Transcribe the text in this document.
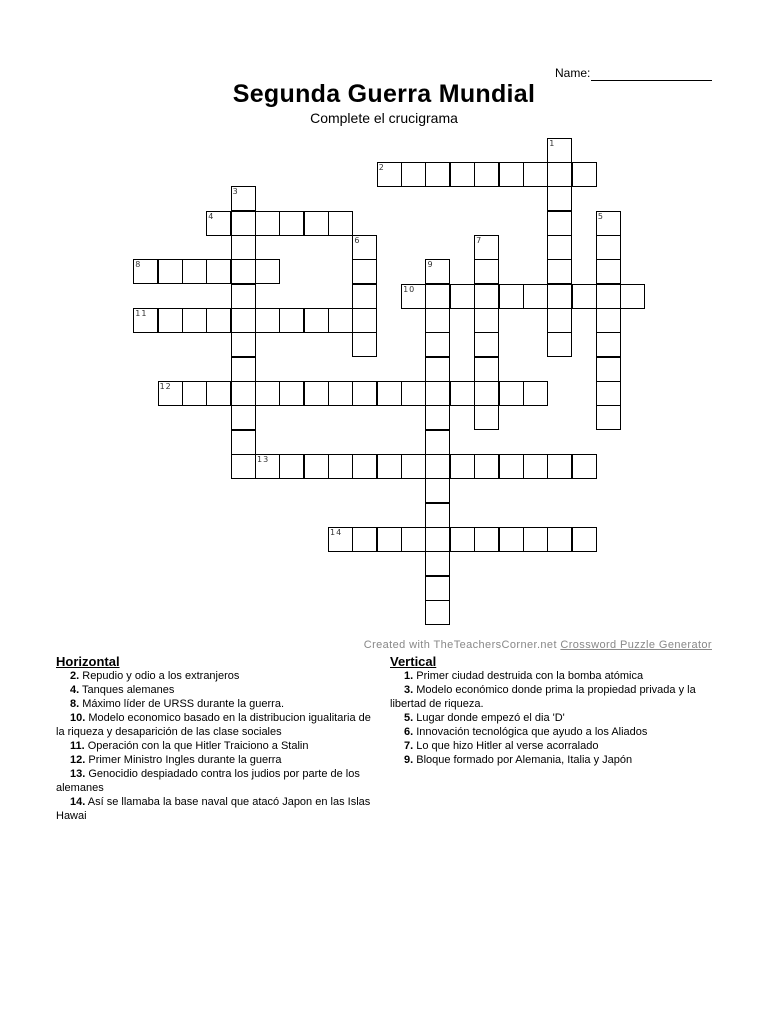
Name:
Segunda Guerra Mundial
Complete el crucigrama
1
2
3
4	5
6	7
8	9
10
11
12
13
14
Created with TheTeachersCorner.net Crossword Puzzle Generator
Horizontal
2. Repudio y odio a los extranjeros
4. Tanques alemanes
8. Máximo líder de URSS durante la guerra.
10. Modelo economico basado en la distribucion igualitaria de la riqueza y desaparición de las clase sociales
11. Operación con la que Hitler Traiciono a Stalin
12. Primer Ministro Ingles durante la guerra
13. Genocidio despiadado contra los judios por parte de los alemanes
14. Así se llamaba la base naval que atacó Japon en las Islas Hawai
Vertical
1. Primer ciudad destruida con la bomba atómica
3. Modelo económico donde prima la propiedad privada y la libertad de riqueza.
5. Lugar donde empezó el dia 'D'
6. Innovación tecnológica que ayudo a los Aliados
7. Lo que hizo Hitler al verse acorralado
9. Bloque formado por Alemania, Italia y Japón
